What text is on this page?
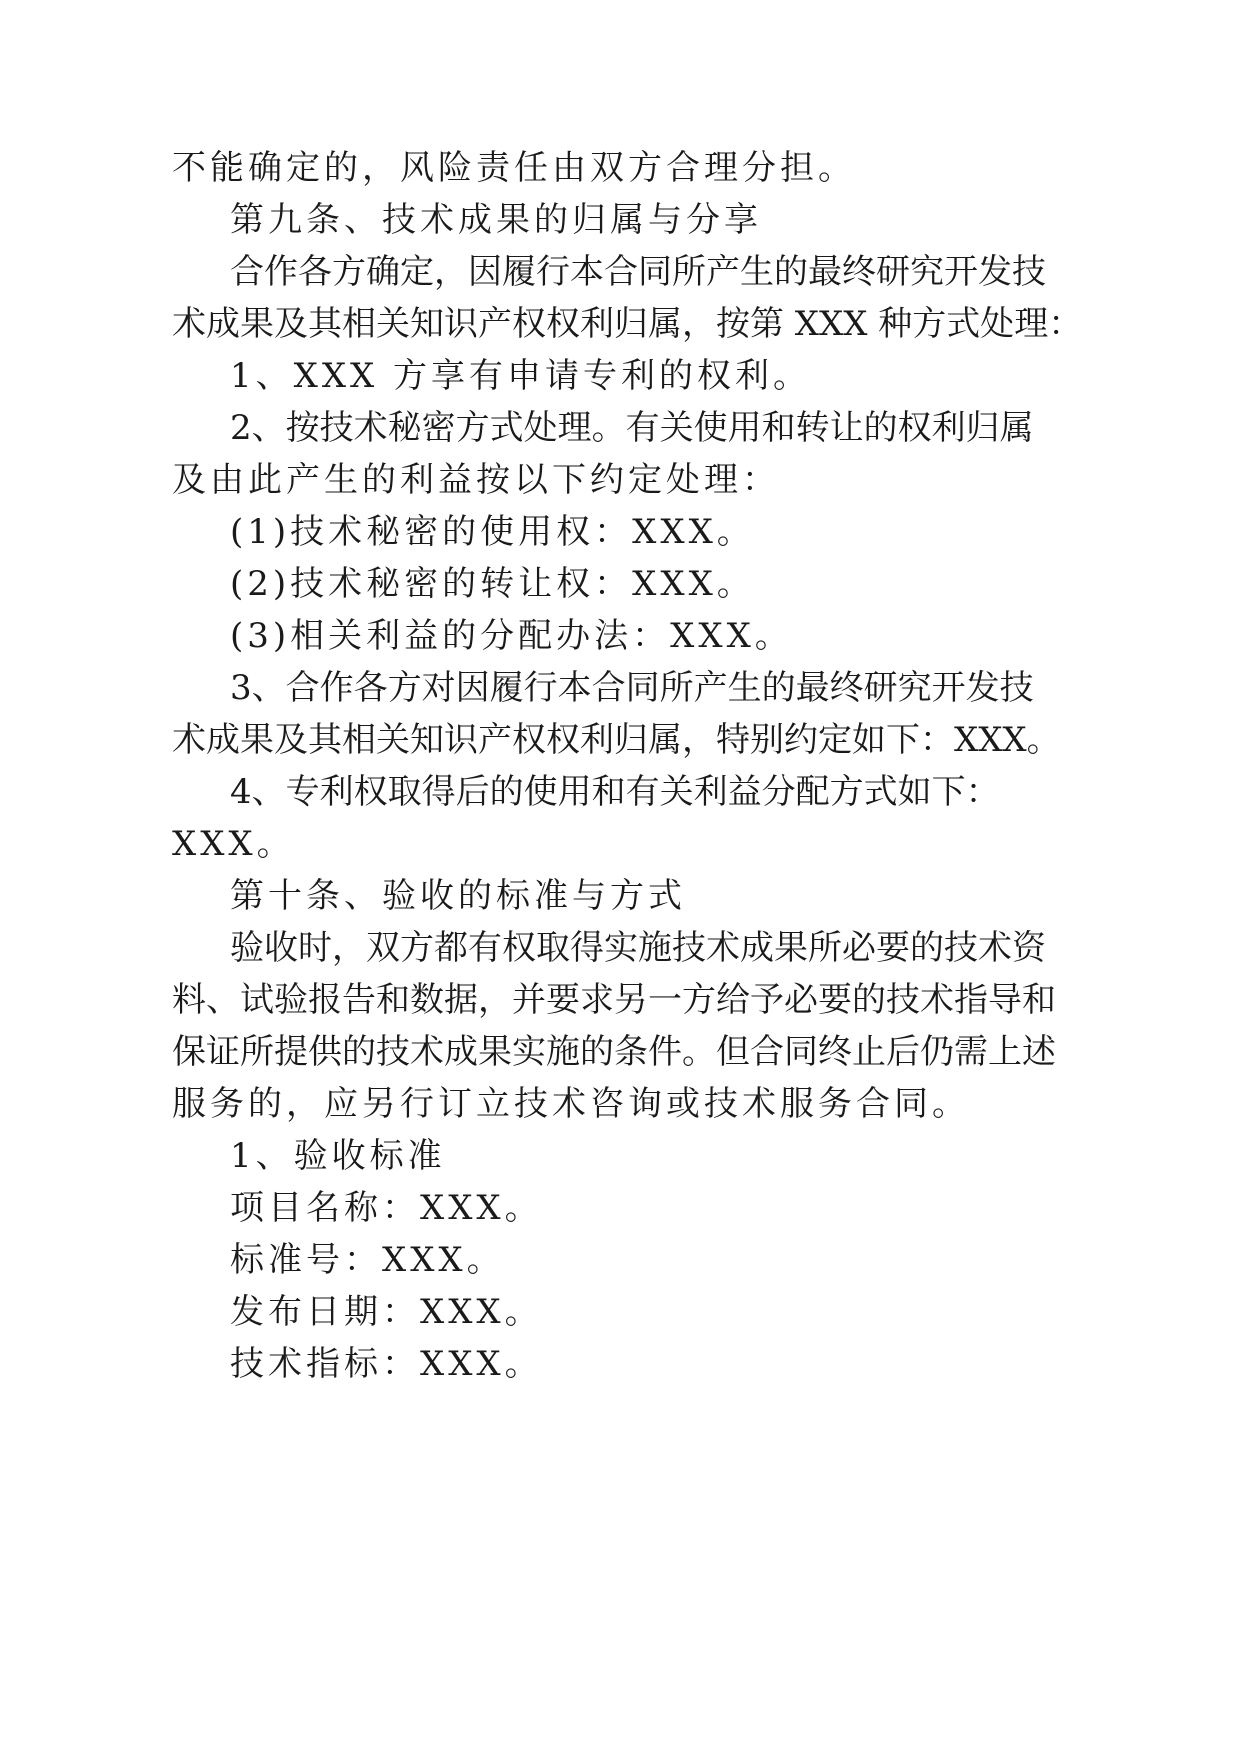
不能确定的，风险责任由双方合理分担。
第九条、技术成果的归属与分享
合作各方确定，因履行本合同所产生的最终研究开发技
术成果及其相关知识产权权利归属，按第 XXX 种方式处理：
1、XXX 方享有申请专利的权利。
2、按技术秘密方式处理。有关使用和转让的权利归属
及由此产生的利益按以下约定处理：
(1)技术秘密的使用权：XXX。
(2)技术秘密的转让权：XXX。
(3)相关利益的分配办法：XXX。
3、合作各方对因履行本合同所产生的最终研究开发技
术成果及其相关知识产权权利归属，特别约定如下：XXX。
4、专利权取得后的使用和有关利益分配方式如下：
XXX。
第十条、验收的标准与方式
验收时，双方都有权取得实施技术成果所必要的技术资
料、试验报告和数据，并要求另一方给予必要的技术指导和
保证所提供的技术成果实施的条件。但合同终止后仍需上述
服务的，应另行订立技术咨询或技术服务合同。
1、验收标准
项目名称：XXX。
标准号：XXX。
发布日期：XXX。
技术指标：XXX。
